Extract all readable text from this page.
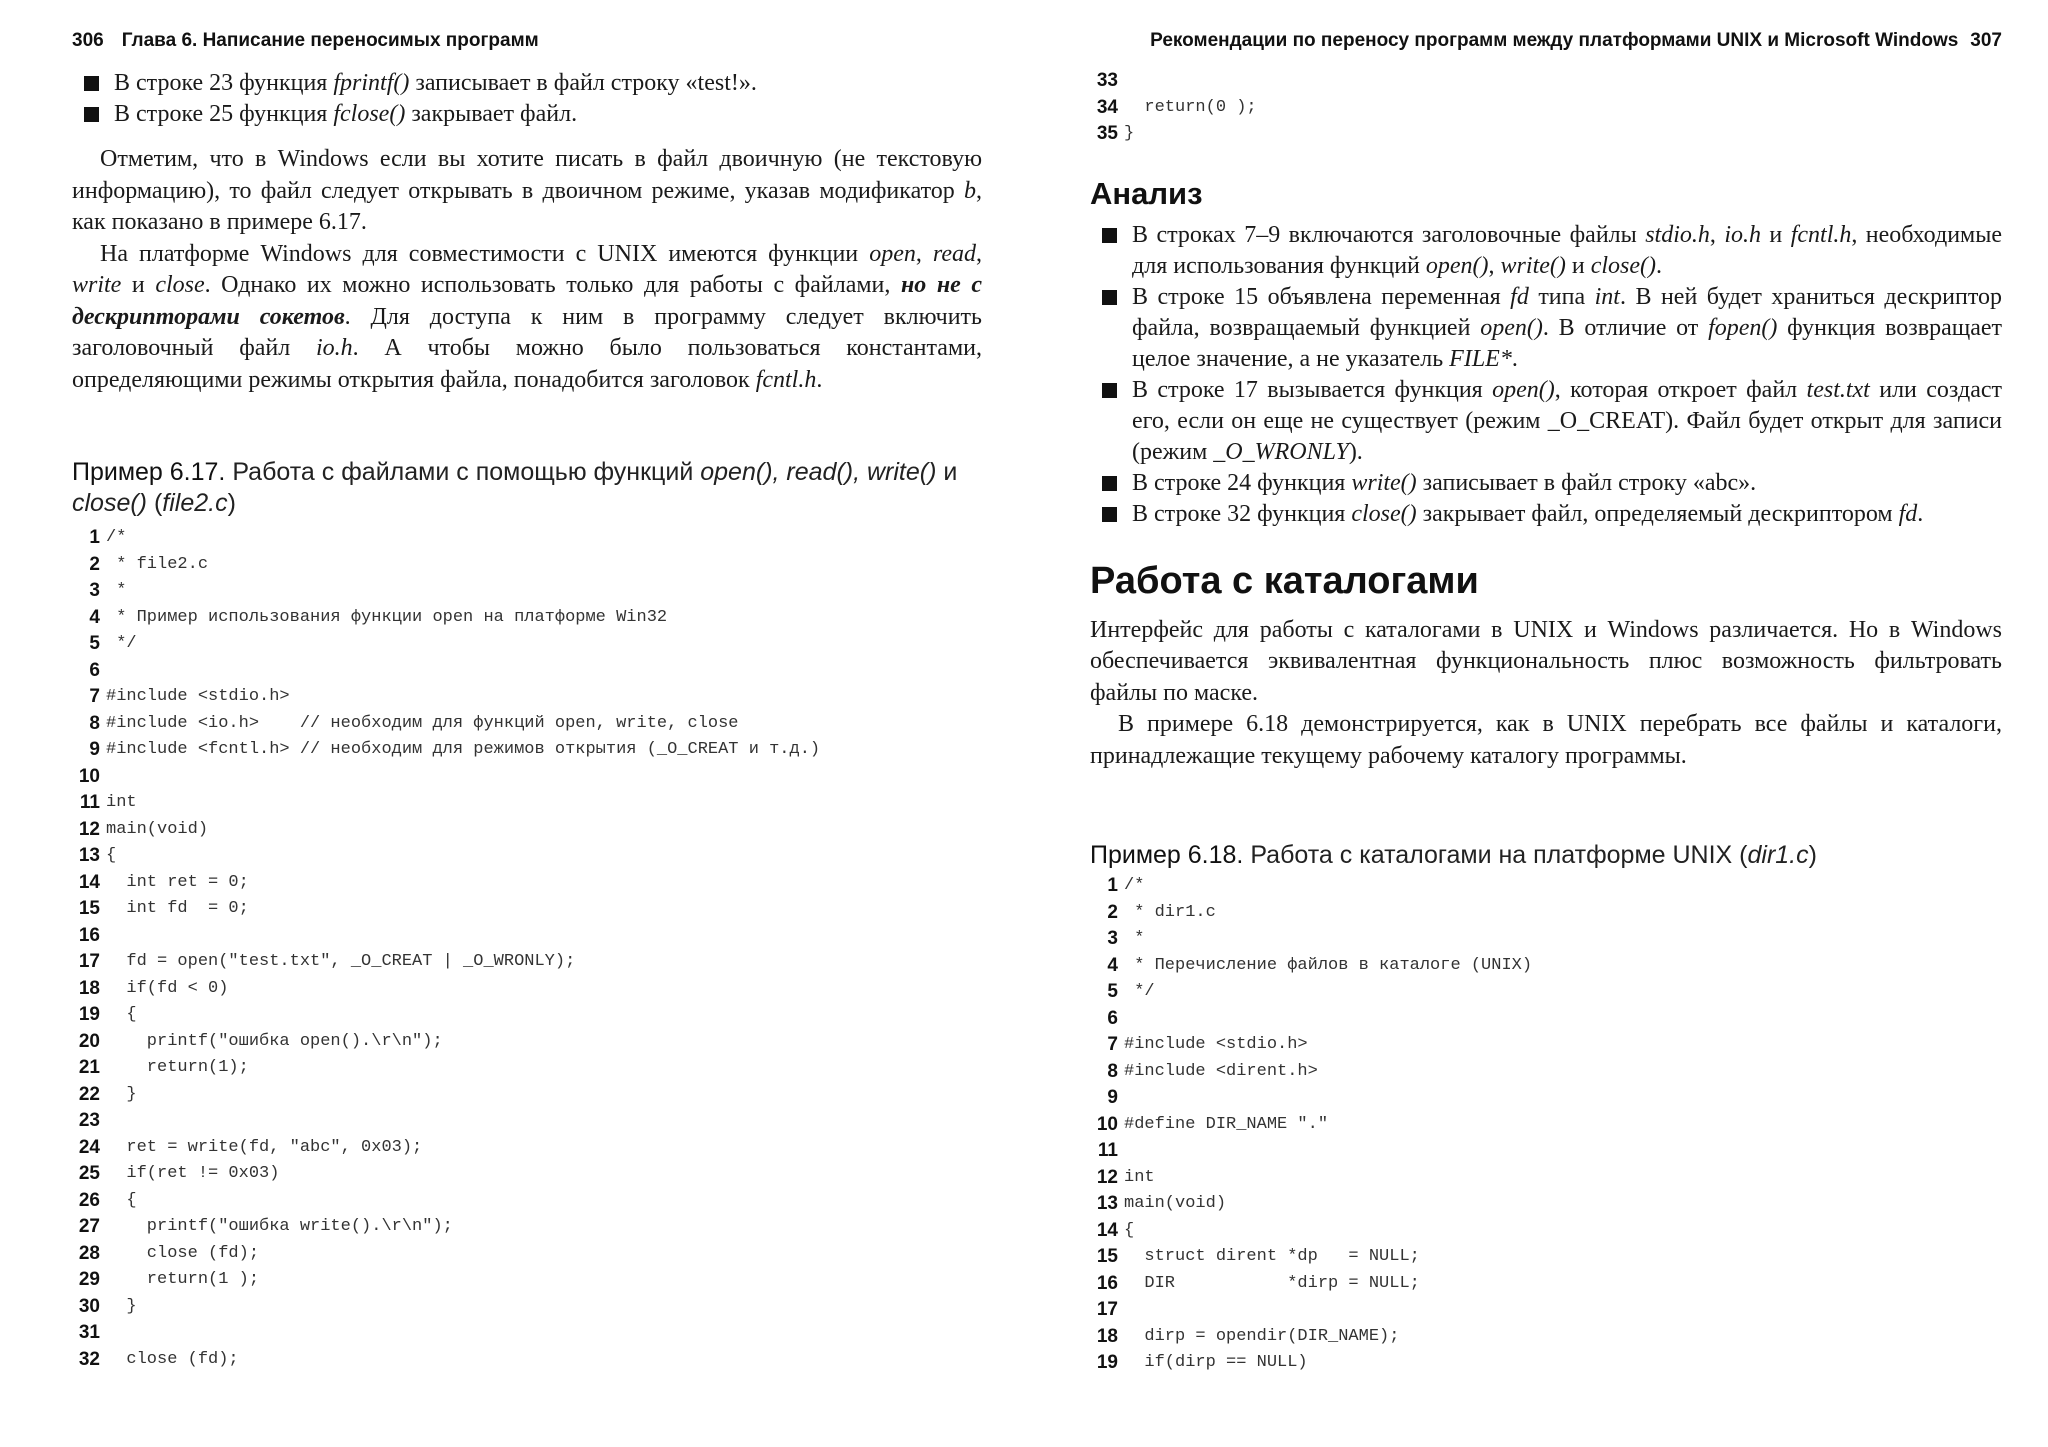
306 Глава 6. Написание переносимых программ
В строке 23 функция fprintf() записывает в файл строку «test!».
В строке 25 функция fclose() закрывает файл.

Отметим, что в Windows если вы хотите писать в файл двоичную (не текстовую информацию), то файл следует открывать в двоичном режиме, указав модификатор b, как показано в примере 6.17.

На платформе Windows для совместимости с UNIX имеются функции open, read, write и close. Однако их можно использовать только для работы с файлами, но не с дескрипторами сокетов. Для доступа к ним в программу следует включить заголовочный файл io.h. А чтобы можно было пользоваться константами, определяющими режимы открытия файла, понадобится заголовок fcntl.h.

Пример 6.17. Работа с файлами с помощью функций open(), read(), write() и close() (file2.c)
1 /*
2 * file2.c
3 *
4 * Пример использования функции open на платформе Win32
5 */
6
7 #include <stdio.h>
8 #include <io.h>    // необходим для функций open, write, close
9 #include <fcntl.h> // необходим для режимов открытия (_O_CREAT и т.д.)
10
11 int
12 main(void)
13 {
14 int ret = 0;
15 int fd  = 0;
16
17 fd = open("test.txt", _O_CREAT | _O_WRONLY);
18 if(fd < 0)
19 {
20 printf("ошибка open().\r\n");
21 return(1);
22 }
23
24 ret = write(fd, "abc", 0x03);
25 if(ret != 0x03)
26 {
27 printf("ошибка write().\r\n");
28 close (fd);
29 return(1 );
30 }
31
32 close (fd);
Рекомендации по переносу программ между платформами UNIX и Microsoft Windows 307
33
34 return(0 );
35 }
Анализ
В строках 7–9 включаются заголовочные файлы stdio.h, io.h и fcntl.h, необходимые для использования функций open(), write() и close().
В строке 15 объявлена переменная fd типа int. В ней будет храниться дескриптор файла, возвращаемый функцией open(). В отличие от fopen() функция возвращает целое значение, а не указатель FILE*.
В строке 17 вызывается функция open(), которая откроет файл test.txt или создаст его, если он еще не существует (режим _O_CREAT). Файл будет открыт для записи (режим _O_WRONLY).
В строке 24 функция write() записывает в файл строку «abc».
В строке 32 функция close() закрывает файл, определяемый дескриптором fd.
Работа с каталогами

Интерфейс для работы с каталогами в UNIX и Windows различается. Но в Windows обеспечивается эквивалентная функциональность плюс возможность фильтровать файлы по маске.

В примере 6.18 демонстрируется, как в UNIX перебрать все файлы и каталоги, принадлежащие текущему рабочему каталогу программы.

Пример 6.18. Работа с каталогами на платформе UNIX (dir1.c)
1 /*
2 * dir1.c
3 *
4 * Перечисление файлов в каталоге (UNIX)
5 */
6
7 #include <stdio.h>
8 #include <dirent.h>
9
10 #define DIR_NAME "."
11
12 int
13 main(void)
14 {
15 struct dirent *dp   = NULL;
16 DIR           *dirp = NULL;
17
18 dirp = opendir(DIR_NAME);
19 if(dirp == NULL)
